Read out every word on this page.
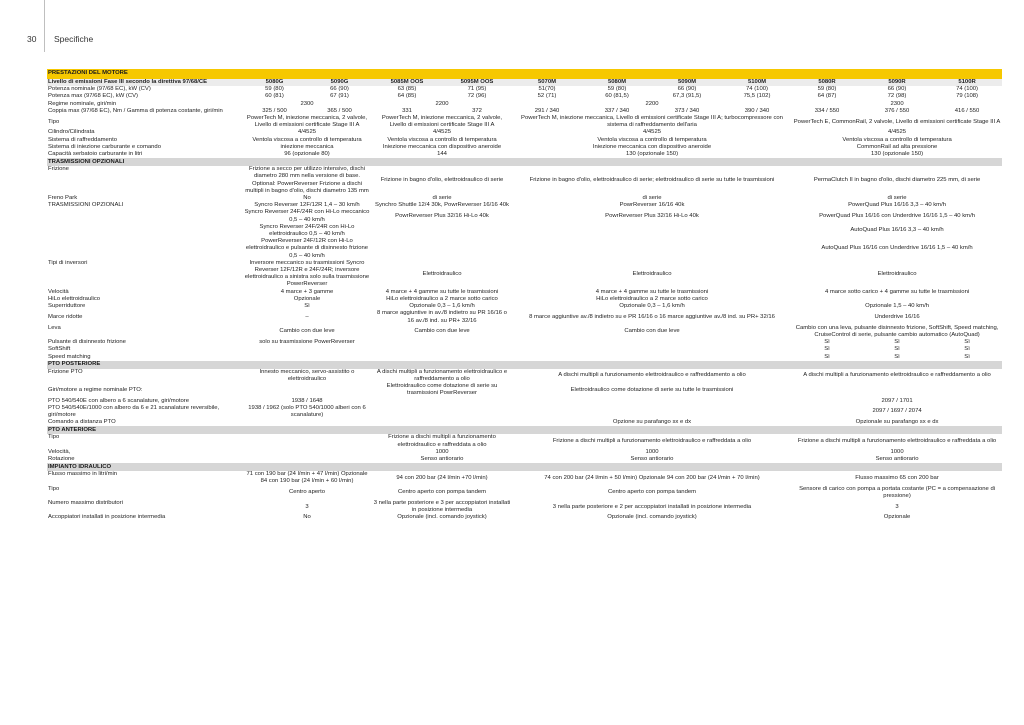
30 Specifiche
PRESTAZIONI DEL MOTORE											
Livello di emissioni Fase III secondo la direttiva 97/68/CE	5080G	5090G	5085M OOS	5095M OOS	5070M	5080M	5090M	5100M	5080R	5090R	5100R
Potenza nominale (97/68 EC), kW (CV)	59 (80)	66 (90)	63 (85)	71 (95)	51(70)	59 (80)	66 (90)	74 (100)	59 (80)	66 (90)	74 (100)
Potenza max (97/68 EC), kW (CV)	60 (81)	67 (91)	64 (85)	72 (96)	52 (71)	60 (81,5)	67,3 (91,5)	75,5 (102)	64 (87)	72 (98)	79 (108)
Regime nominale, giri/min	2300		2200		2200				2300		
Coppia max (97/68 EC), Nm / Gamma di potenza costante, giri/min	325 / 500	365 / 500	331	372	291 / 340	337 / 340	373 / 340	390 / 340	334 / 550	376 / 550	416 / 550
Tipo	PowerTech M, iniezione meccanica, 2 valvole, Livello di emissioni certificate Stage III A		PowerTech M, iniezione meccanica, 2 valvole, Livello di emissioni certificate Stage III A		PowerTech M, iniezione meccanica, Livello di emissioni certificate Stage III A; turbocompressore con sistema di raffreddamento dell'aria				PowerTech E, CommonRail, 2 valvole, Livello di emissioni certificate Stage III A		
Cilindro/Cilindrata	4/4525		4/4525		4/4525				4/4525		
Sistema di raffreddamento	Ventola viscosa a controllo di temperatura		Ventola viscosa a controllo di temperatura		Ventola viscosa a controllo di temperatura				Ventola viscosa a controllo di temperatura		
Sistema di iniezione carburante e comando	iniezione meccanica		Iniezione meccanica con dispositivo aneroide		Iniezione meccanica con dispositivo aneroide				CommonRail ad alta pressione		
Capacità serbatoio carburante in litri	96 (opzionale 80)		144		130 (opzionale 150)				130 (opzionale 150)		
TRASMISSIONI OPZIONALI											
Frizione	Frizione a secco per utilizzo intensivo, dischi diametro 280 mm nella versione di base. Optional: PowerReverser Frizione a dischi multipli in bagno d'olio, dischi diametro 135 mm		Frizione in bagno d'olio, elettroidraulico di serie		Frizione in bagno d'olio, elettroidraulico di serie; elettroidraulico di serie su tutte le trasmissioni				PermaClutch II in bagno d'olio, dischi diametro 225 mm, di serie		
Freno Park	No		di serie		di serie				di serie		
TRASMISSIONI OPZIONALI	Syncro Reverser 12F/12R 1,4 – 30 km/h		Synchro Shuttle 12/4 30k, PowrReverser 16/16 40k		PowrReverser 16/16 40k				PowerQuad Plus 16/16 3,3 – 40 km/h		
	Syncro Reverser 24F/24R con Hi-Lo meccanico 0,5 – 40 km/h		PowrReverser Plus 32/16 Hi-Lo 40k		PowrReverser Plus 32/16 Hi-Lo 40k				PowerQuad Plus 16/16 con Underdrive 16/16 1,5 – 40 km/h		
	Syncro Reverser 24F/24R con Hi-Lo elettroidraulico 0,5 – 40 km/h								AutoQuad Plus 16/16 3,3 – 40 km/h		
	PowerReverser 24F/12R con Hi-Lo elettroidraulico e pulsante di disinnesto frizione 0,5 – 40 km/h								AutoQuad Plus 16/16 con Underdrive 16/16 1,5 – 40 km/h		
Tipi di inversori	Inversore meccanico su trasmissioni Syncro Reverser 12F/12R e 24F/24R; inversore elettroidraulico a sinistra solo sulla trasmissione PowerReverser		Elettroidraulico		Elettroidraulico				Elettroidraulico		
Velocità	4 marce + 3 gamme		4 marce + 4 gamme su tutte le trasmissioni		4 marce + 4 gamme su tutte le trasmissioni				4 marce sotto carico + 4 gamme su tutte le trasmissioni		
HiLo elettroidraulico	Opzionale		HiLo elettroidraulico a 2 marce sotto carico		HiLo elettroidraulico a 2 marce sotto carico						
Superriduttore	Sì		Opzionale 0,3 – 1,6 km/h		Opzionale 0,3 – 1,6 km/h				Opzionale 1,5 – 40 km/h		
Marce ridotte	–		8 marce aggiuntive in av./8 indietro su PR 16/16 o 16 av./8 ind. su PR+ 32/16		8 marce aggiuntive av./8 indietro su e PR 16/16 o 16 marce aggiuntive av./8 ind. su PR+ 32/16				Underdrive 16/16		
Leva	Cambio con due leve		Cambio con due leve		Cambio con due leve				Cambio con una leva, pulsante disinnesto frizione, SoftShift, Speed matching, CruiseControl di serie, pulsante cambio automatico (AutoQuad)		
Pulsante di disinnesto frizione	solo su trasmissione PowerReverser								Sì	Sì	Sì
SoftShift									Sì	Sì	Sì
Speed matching									Sì	Sì	Sì
PTO POSTERIORE											
Frizione PTO	Innesto meccanico, servo-assistito o elettroidraulico		A dischi multipli a funzionamento elettroidraulico e raffreddamento a olio		A dischi multipli a funzionamento elettroidraulico e raffreddamento a olio				A dischi multipli a funzionamento elettroidraulico e raffreddamento a olio		
Giri/motore a regime nominale PTO:			Elettroidraulico come dotazione di serie su trasmissioni PowrReverser		Elettroidraulico come dotazione di serie su tutte le trasmissioni						
PTO 540/540E con albero a 6 scanalature, giri/motore	1938 / 1648								2097 / 1701		
PTO 540/540E/1000 con albero da 6 e 21 scanalature reversibile, giri/motore	1938 / 1962 (solo PTO 540/1000 alberi con 6 scanalature)								2097 / 1697 / 2074		
Comando a distanza PTO					Opzione su parafango sx e dx				Opzionale su parafango sx e dx		
PTO ANTERIORE											
Tipo			Frizione a dischi multipli a funzionamento elettroidraulico e raffreddata a olio		Frizione a dischi multipli a funzionamento elettroidraulico e raffreddata a olio				Frizione a dischi multipli a funzionamento elettroidraulico e raffreddata a olio		
Velocità,			1000		1000				1000		
Rotazione			Senso antiorario		Senso antiorario				Senso antiorario		
IMPIANTO IDRAULICO											
Flusso massimo in litri/min	71 con 190 bar (24 l/min + 47 l/min) Opzionale 84 con 190 bar (24 l/min + 60 l/min)		94 con 200 bar (24 l/min +70 l/min)		74 con 200 bar (24 l/min + 50 l/min) Opzionale 94 con 200 bar (24 l/min + 70 l/min)				Flusso massimo 65 con 200 bar		
Tipo	Centro aperto		Centro aperto con pompa tandem		Centro aperto con pompa tandem				Sensore di carico con pompa a portata costante (PC = a compensazione di pressione)		
Numero massimo distributori	3		3 nella parte posteriore e 3 per accoppiatori installati in posizione intermedia		3 nella parte posteriore e 2 per accoppiatori installati in posizione intermedia				3		
Accoppiatori installati in posizione intermedia	No		Opzionale (incl. comando joystick)		Opzionale (incl. comando joystick)				Opzionale		
